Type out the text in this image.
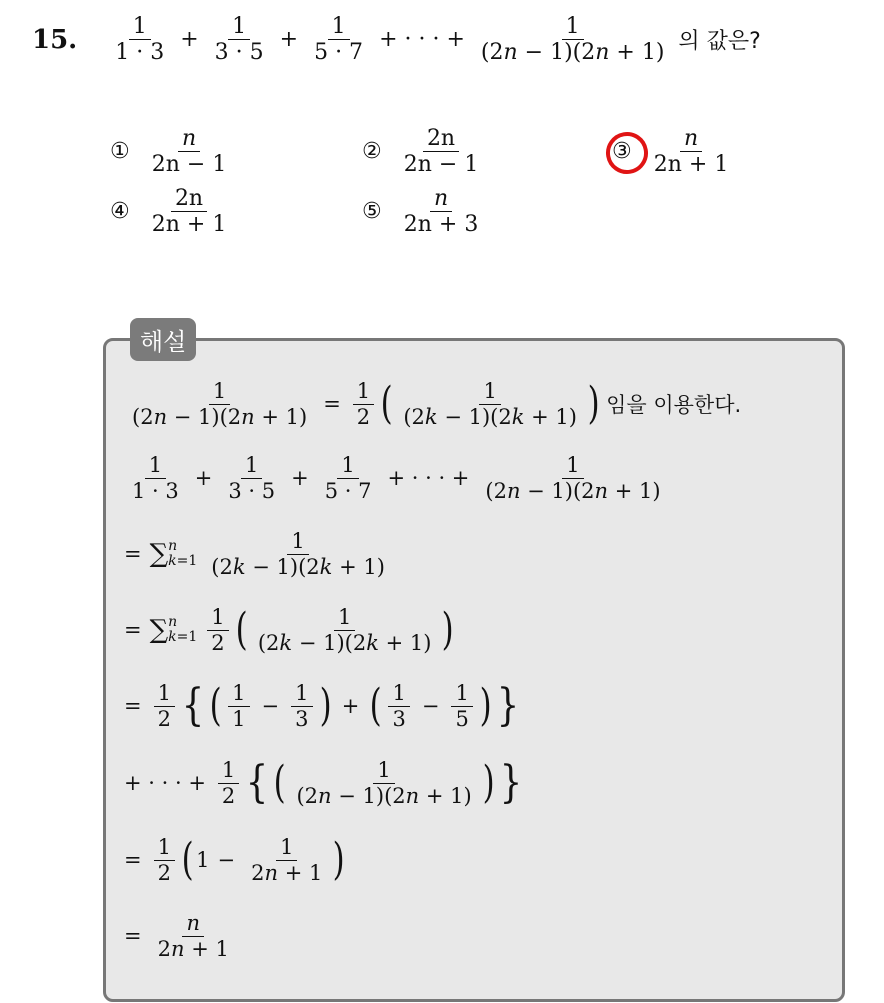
15. $\frac{1}{1 \cdot 3} + \frac{1}{3 \cdot 5} + \frac{1}{5 \cdot 7}$ + · · · + $\frac{1}{(2n - 1)(2n + 1)}$ 의 값은?
① $\frac{n}{2n - 1}$	② $\frac{2n}{2n - 1}$	③ $\frac{n}{2n + 1}$
④ $\frac{2n}{2n + 1}$	⑤ $\frac{n}{2n + 3}$
해설
$\frac{1}{(2n - 1)(2n + 1)} = \frac{1}{2}$ ( $\frac{1}{(2k - 1)(2k + 1)}$ ) 임을 이용한다.
$\frac{1}{1 \cdot 3} + \frac{1}{3 \cdot 5} + \frac{1}{5 \cdot 7}$ + · · · + $\frac{1}{(2n - 1)(2n + 1)}$
= ∑ n
$k=1 \frac{1}{(2k - 1)(2k + 1)}$
= ∑ n
$k=1 \frac{1}{2}$ ( $\frac{1}{(2k - 1)(2k + 1)}$ )
= $\frac{1}{2}$ { ( $\frac{1}{1} - \frac{1}{3}$ ) + ( $\frac{1}{3} - \frac{1}{5}$ ) }
+ · · · + $\frac{1}{2}$ { ( $\frac{1}{(2n - 1)(2n + 1)}$ ) }
= $\frac{1}{2}$ ( $1 - \frac{1}{2n + 1}$ )
= $\frac{n}{2n + 1}$
